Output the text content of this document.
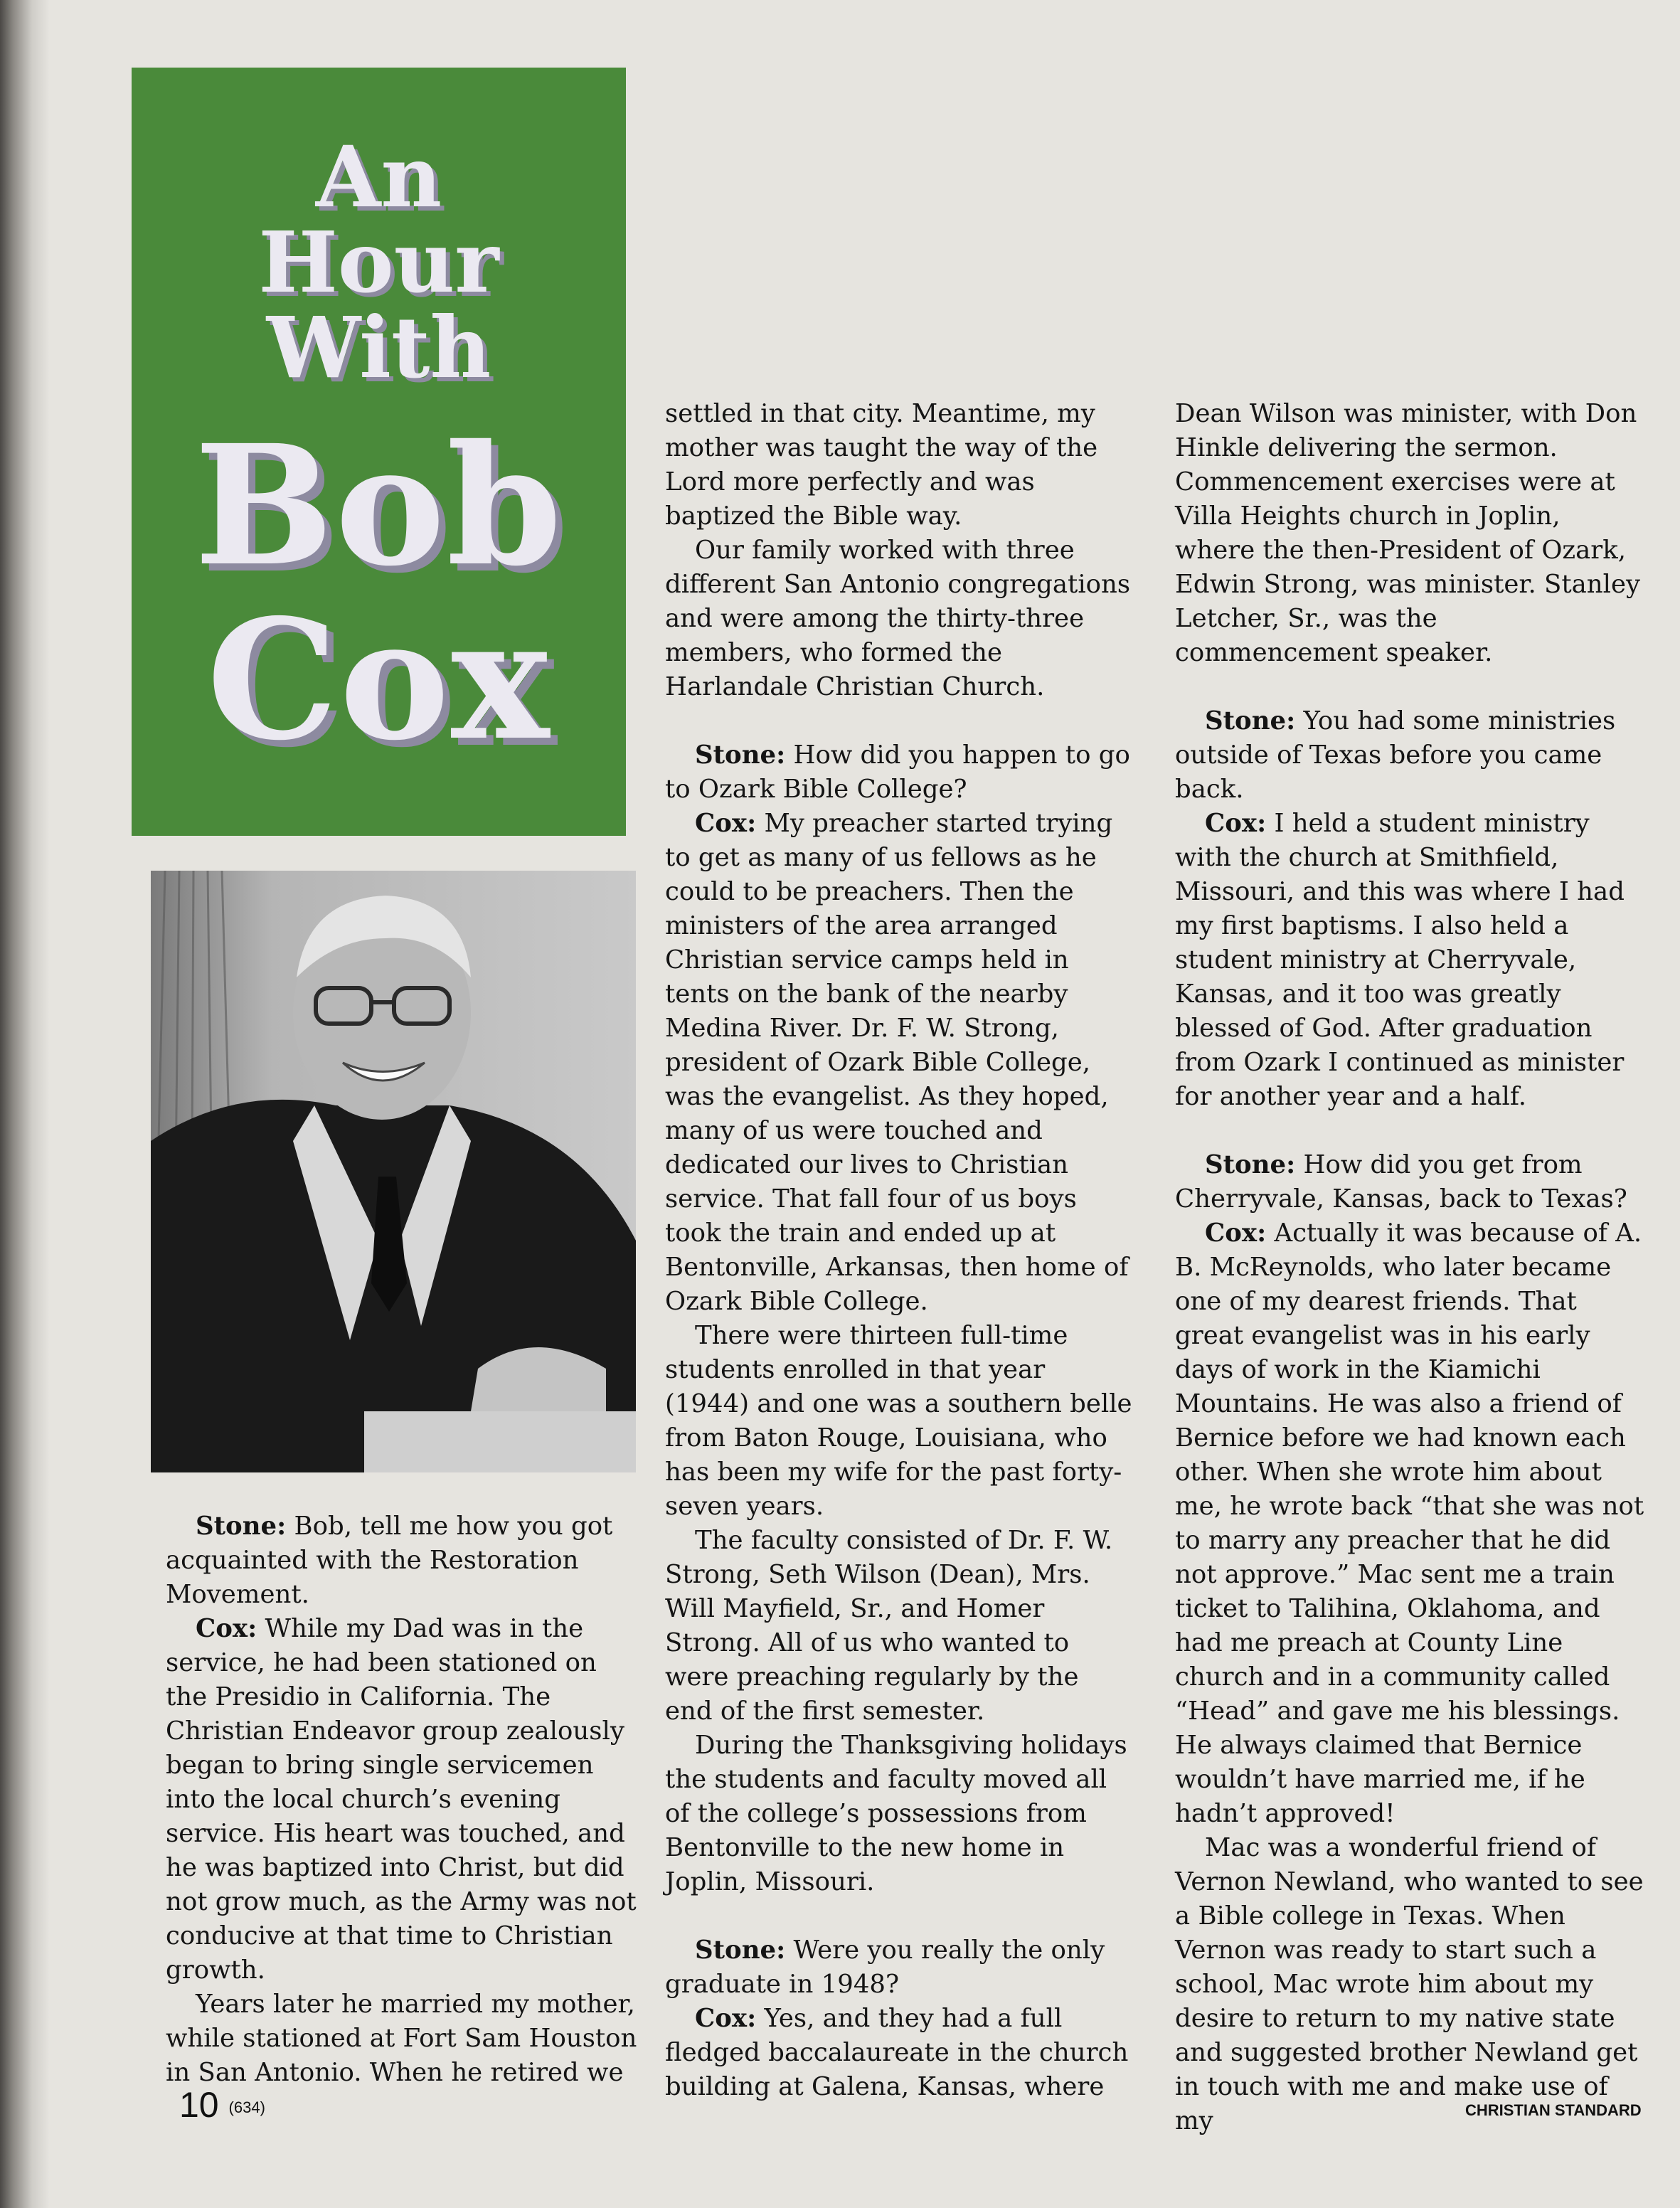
An
Hour
With
Bob
Cox

Stone: Bob, tell me how you got acquainted with the Restoration Movement.

Cox: While my Dad was in the service, he had been stationed on the Presidio in California. The Christian Endeavor group zealously began to bring single servicemen into the local church’s evening service. His heart was touched, and he was baptized into Christ, but did not grow much, as the Army was not conducive at that time to Christian growth.

Years later he married my mother, while stationed at Fort Sam Houston in San Antonio. When he retired we

settled in that city. Meantime, my mother was taught the way of the Lord more perfectly and was baptized the Bible way.

Our family worked with three different San Antonio congregations and were among the thirty-three members, who formed the Harlandale Christian Church.

Stone: How did you happen to go to Ozark Bible College?

Cox: My preacher started trying to get as many of us fellows as he could to be preachers. Then the ministers of the area arranged Christian service camps held in tents on the bank of the nearby Medina River. Dr. F. W. Strong, president of Ozark Bible College, was the evangelist. As they hoped, many of us were touched and dedicated our lives to Christian service. That fall four of us boys took the train and ended up at Bentonville, Arkansas, then home of Ozark Bible College.

There were thirteen full-time students enrolled in that year (1944) and one was a southern belle from Baton Rouge, Louisiana, who has been my wife for the past forty-seven years.

The faculty consisted of Dr. F. W. Strong, Seth Wilson (Dean), Mrs. Will Mayfield, Sr., and Homer Strong. All of us who wanted to were preaching regularly by the end of the first semester.

During the Thanksgiving holidays the students and faculty moved all of the college’s possessions from Bentonville to the new home in Joplin, Missouri.

Stone: Were you really the only graduate in 1948?

Cox: Yes, and they had a full fledged baccalaureate in the church building at Galena, Kansas, where

Dean Wilson was minister, with Don Hinkle delivering the sermon. Commencement exercises were at Villa Heights church in Joplin, where the then-President of Ozark, Edwin Strong, was minister. Stanley Letcher, Sr., was the commencement speaker.

Stone: You had some ministries outside of Texas before you came back.

Cox: I held a student ministry with the church at Smithfield, Missouri, and this was where I had my first baptisms. I also held a student ministry at Cherryvale, Kansas, and it too was greatly blessed of God. After graduation from Ozark I continued as minister for another year and a half.

Stone: How did you get from Cherryvale, Kansas, back to Texas?

Cox: Actually it was because of A. B. McReynolds, who later became one of my dearest friends. That great evangelist was in his early days of work in the Kiamichi Mountains. He was also a friend of Bernice before we had known each other. When she wrote him about me, he wrote back “that she was not to marry any preacher that he did not approve.” Mac sent me a train ticket to Talihina, Oklahoma, and had me preach at County Line church and in a community called “Head” and gave me his blessings. He always claimed that Bernice wouldn’t have married me, if he hadn’t approved!

Mac was a wonderful friend of Vernon Newland, who wanted to see a Bible college in Texas. When Vernon was ready to start such a school, Mac wrote him about my desire to return to my native state and suggested brother Newland get in touch with me and make use of my

10 (634)	CHRISTIAN STANDARD
